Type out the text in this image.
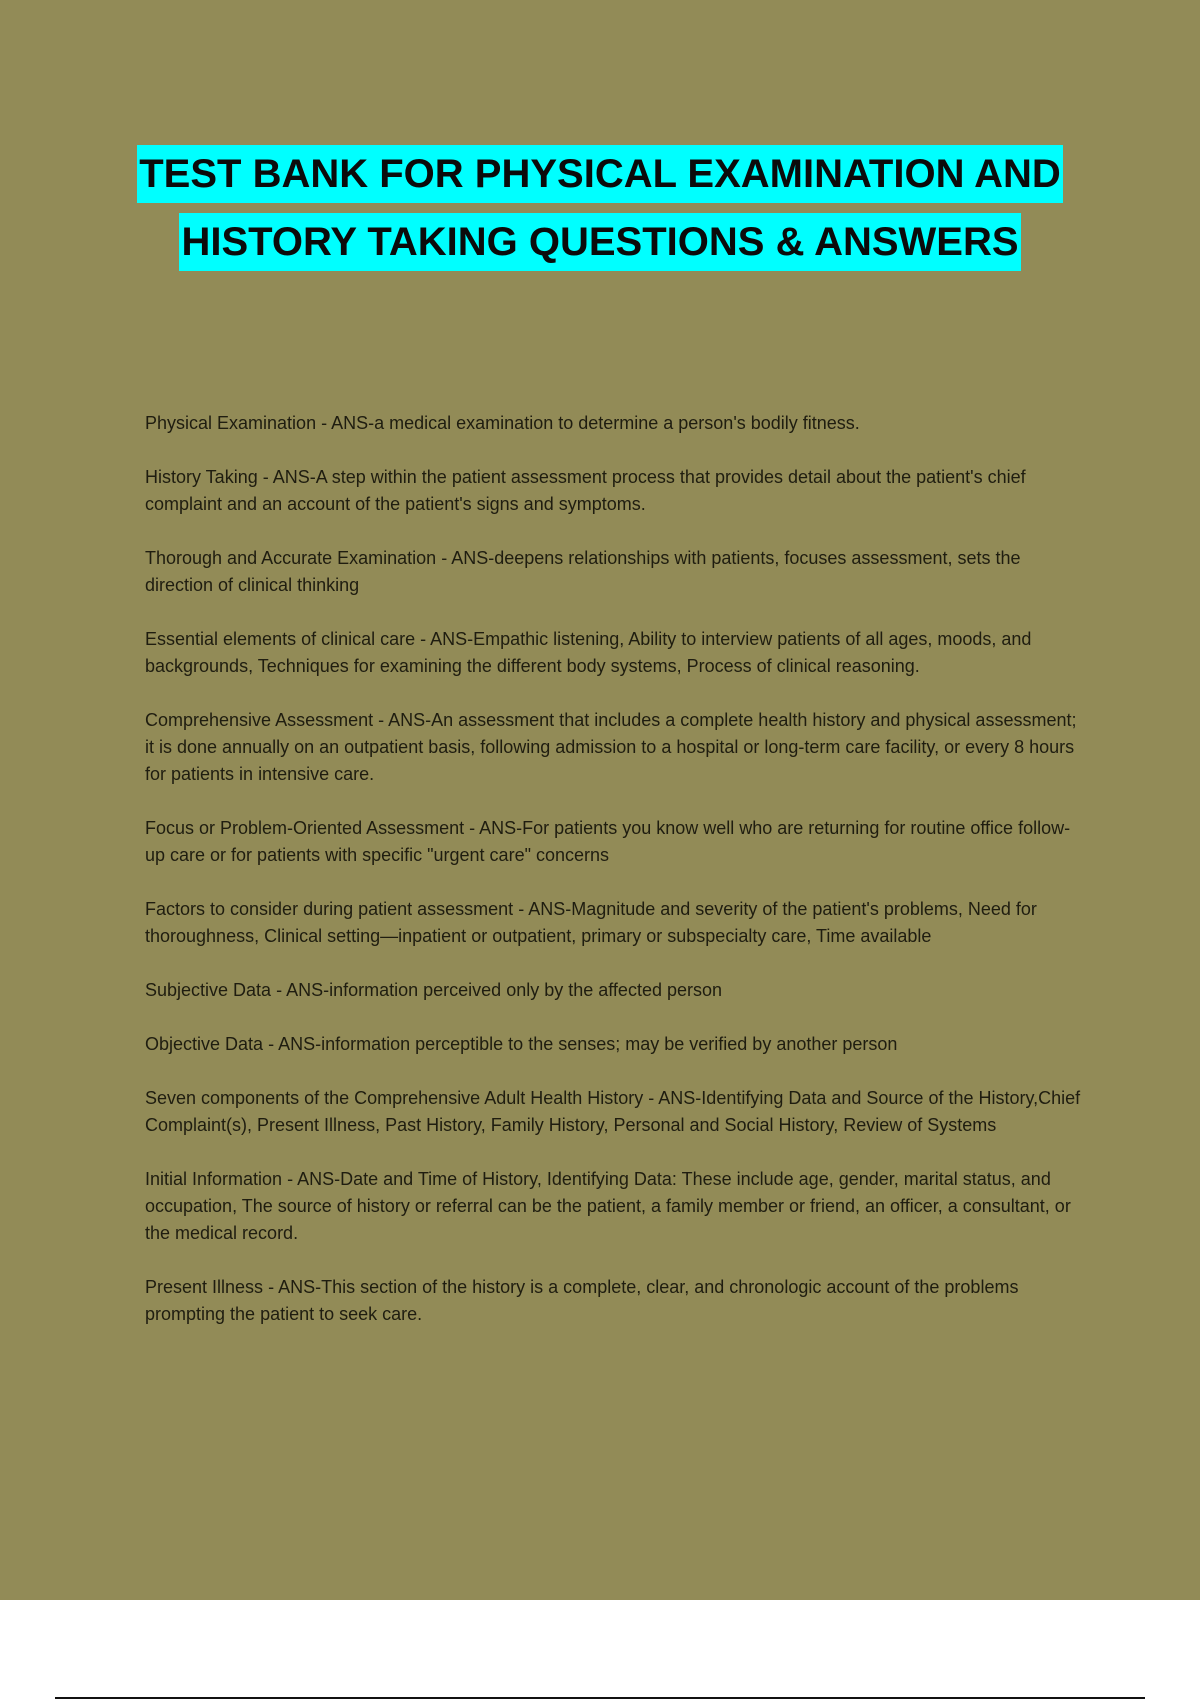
TEST BANK FOR PHYSICAL EXAMINATION AND
HISTORY TAKING QUESTIONS & ANSWERS

Physical Examination - ANS-a medical examination to determine a person's bodily fitness.

History Taking - ANS-A step within the patient assessment process that provides detail about the patient's chief complaint and an account of the patient's signs and symptoms.

Thorough and Accurate Examination - ANS-deepens relationships with patients, focuses assessment, sets the direction of clinical thinking

Essential elements of clinical care - ANS-Empathic listening, Ability to interview patients of all ages, moods, and backgrounds, Techniques for examining the different body systems, Process of clinical reasoning.

Comprehensive Assessment - ANS-An assessment that includes a complete health history and physical assessment; it is done annually on an outpatient basis, following admission to a hospital or long-term care facility, or every 8 hours for patients in intensive care.

Focus or Problem-Oriented Assessment - ANS-For patients you know well who are returning for routine office follow-up care or for patients with specific "urgent care" concerns

Factors to consider during patient assessment - ANS-Magnitude and severity of the patient's problems, Need for thoroughness, Clinical setting—inpatient or outpatient, primary or subspecialty care, Time available

Subjective Data - ANS-information perceived only by the affected person

Objective Data - ANS-information perceptible to the senses; may be verified by another person

Seven components of the Comprehensive Adult Health History - ANS-Identifying Data and Source of the History,Chief Complaint(s), Present Illness, Past History, Family History, Personal and Social History, Review of Systems

Initial Information - ANS-Date and Time of History, Identifying Data: These include age, gender, marital status, and occupation, The source of history or referral can be the patient, a family member or friend, an officer, a consultant, or the medical record.

Present Illness - ANS-This section of the history is a complete, clear, and chronologic account of the problems prompting the patient to seek care.
